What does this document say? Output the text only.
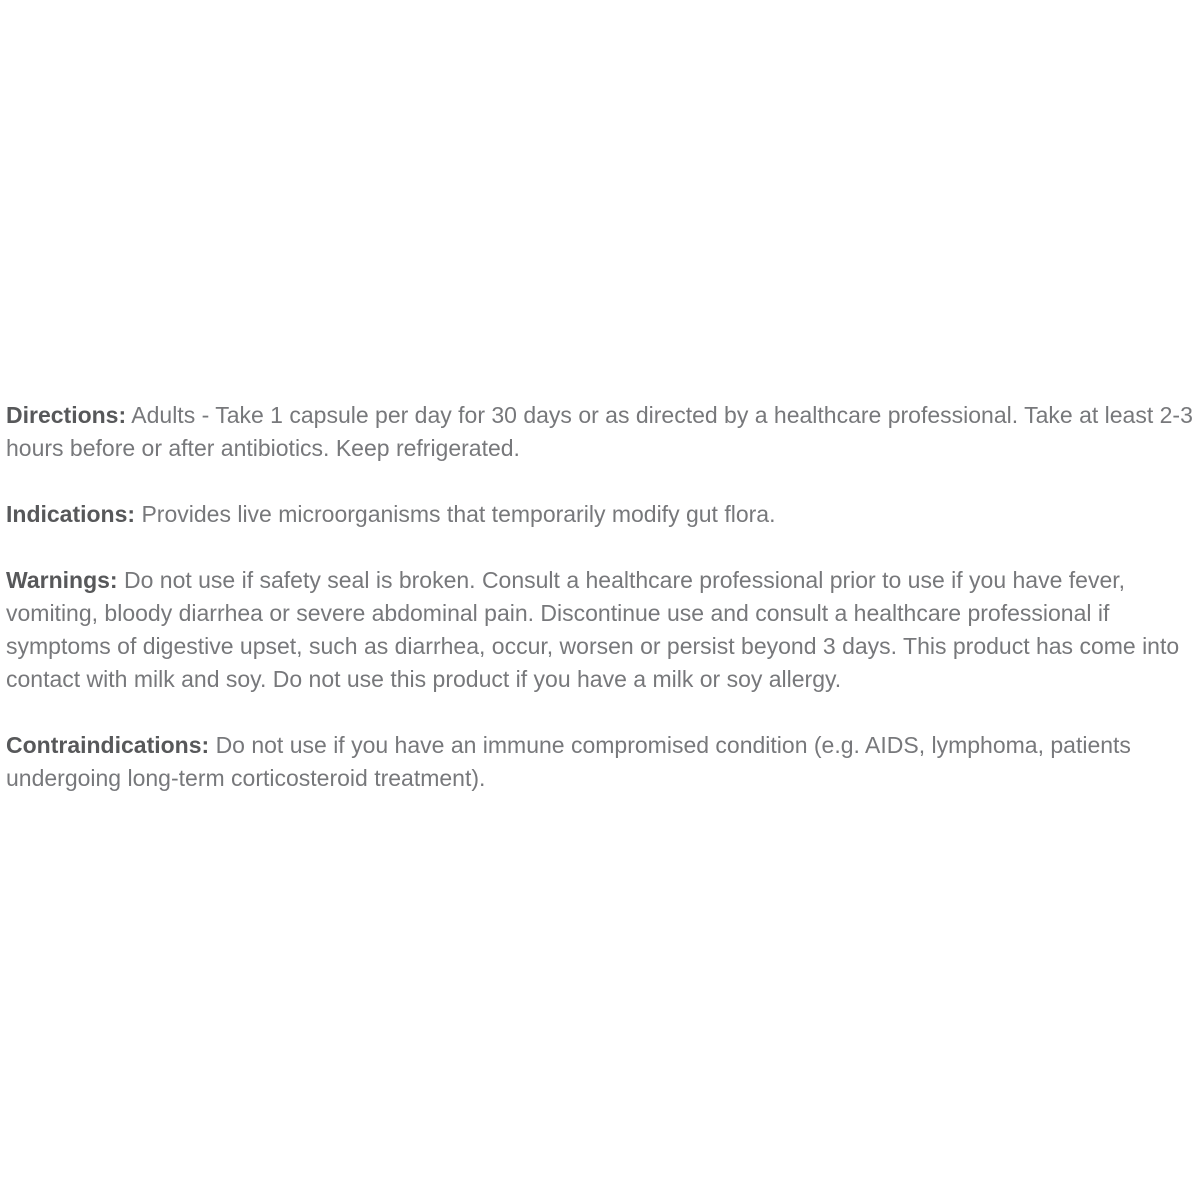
Directions: Adults - Take 1 capsule per day for 30 days or as directed by a healthcare professional. Take at least 2-3 hours before or after antibiotics. Keep refrigerated.

Indications: Provides live microorganisms that temporarily modify gut flora.

Warnings: Do not use if safety seal is broken. Consult a healthcare professional prior to use if you have fever, vomiting, bloody diarrhea or severe abdominal pain. Discontinue use and consult a healthcare professional if symptoms of digestive upset, such as diarrhea, occur, worsen or persist beyond 3 days. This product has come into contact with milk and soy. Do not use this product if you have a milk or soy allergy.

Contraindications: Do not use if you have an immune compromised condition (e.g. AIDS, lymphoma, patients undergoing long-term corticosteroid treatment).
